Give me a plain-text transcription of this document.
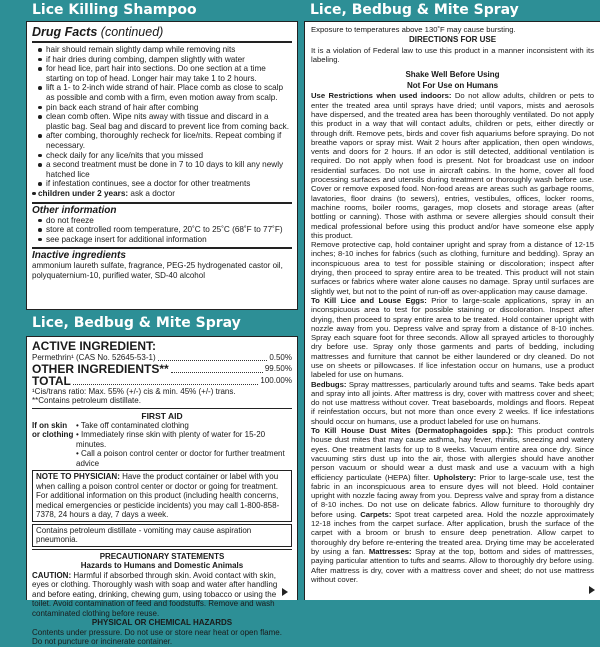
Lice Killing Shampoo
Drug Facts (continued)
hair should remain slightly damp while removing nits
if hair dries during combing, dampen slightly with water
for head lice, part hair into sections. Do one section at a time starting on top of head. Longer hair may take 1 to 2 hours.
lift a 1- to 2-inch wide strand of hair. Place comb as close to scalp as possible and comb with a firm, even motion away from scalp.
pin back each strand of hair after combing
clean comb often. Wipe nits away with tissue and discard in a plastic bag. Seal bag and discard to prevent lice from coming back.
after combing, thoroughly recheck for lice/nits. Repeat combing if necessary.
check daily for any lice/nits that you missed
a second treatment must be done in 7 to 10 days to kill any newly hatched lice
if infestation continues, see a doctor for other treatments
children under 2 years: ask a doctor
Other information
do not freeze
store at controlled room temperature, 20˚C to 25˚C (68˚F to 77˚F)
see package insert for additional information
Inactive ingredients
ammonium laureth sulfate, fragrance, PEG-25 hydrogenated castor oil, polyquaternium-10, purified water, SD-40 alcohol
Lice, Bedbug & Mite Spray
ACTIVE INGREDIENT:
Permethrin¹ (CAS No. 52645-53-1)	0.50%
OTHER INGREDIENTS**	99.50%
TOTAL	100.00%
¹Cis/trans ratio: Max. 55% (+/-) cis & min. 45% (+/-) trans.
**Contains petroleum distillate.
FIRST AID
If on skin or clothing
• Take off contaminated clothing
• Immediately rinse skin with plenty of water for 15-20 minutes.
• Call a poison control center or doctor for further treatment advice
NOTE TO PHYSICIAN: Have the product container or label with you when calling a poison control center or doctor or going for treatment. For additional information on this product (including health concerns, medical emergencies or pesticide incidents) you may call 1-800-858-7378, 24 hours a day, 7 days a week.
Contains petroleum distillate - vomiting may cause aspiration pneumonia.
PRECAUTIONARY STATEMENTS
Hazards to Humans and Domestic Animals
CAUTION: Harmful if absorbed through skin. Avoid contact with skin, eyes or clothing. Thoroughly wash with soap and water after handling and before eating, drinking, chewing gum, using tobacco or using the toilet. Avoid contamination of feed and foodstuffs. Remove and wash contaminated clothing before reuse.
PHYSICAL OR CHEMICAL HAZARDS
Contents under pressure. Do not use or store near heat or open flame. Do not puncture or incinerate container.
Lice, Bedbug & Mite Spray

Exposure to temperatures above 130˚F may cause bursting.

DIRECTIONS FOR USE

It is a violation of Federal law to use this product in a manner inconsistent with its labeling.

Shake Well Before Using
Not For Use on Humans

Use Restrictions when used indoors: Do not allow adults, children or pets to enter the treated area until sprays have dried; until vapors, mists and aerosols have dispersed, and the treated area has been thoroughly ventilated. Do not apply this product in a way that will contact adults, children or pets, either directly or through drift. Remove pets, birds and cover fish aquariums before spraying. Do not breathe vapors or spray mist. Wait 2 hours after application, then open windows, vents and doors for 2 hours. If an odor is still detected, additional ventilation is required. Do not apply when food is present. Not for broadcast use on indoor residential surfaces. Do not use in aircraft cabins. In the home, cover all food processing surfaces and utensils during treatment or thoroughly wash before use. Cover or remove exposed food. Non-food areas are areas such as garbage rooms, lavatories, floor drains (to sewers), entries, vestibules, offices, locker rooms, machine rooms, boiler rooms, garages, mop closets and storage areas (after bottling or canning). Those with asthma or severe allergies should consult their medical professional before using this product and/or have someone else apply this product.

Remove protective cap, hold container upright and spray from a distance of 12-15 inches; 8-10 inches for fabrics (such as clothing, furniture and bedding). Spray an inconspicuous area to test for possible staining or discoloration; inspect after drying, then proceed to spray entire area to be treated. This product will not stain surfaces or fabrics where water alone causes no damage. Spray until surfaces are slightly wet, but not to the point of run-off as over-application may cause damage.

To Kill Lice and Louse Eggs: Prior to large-scale applications, spray in an inconspicuous area to test for possible staining or discoloration. Inspect after drying, then proceed to spray entire area to be treated. Hold container upright with nozzle away from you. Depress valve and spray from a distance of 8-10 inches. Spray each square foot for three seconds. Allow all sprayed articles to thoroughly dry before use. Spray only those garments and parts of bedding, including mattresses and furniture that cannot be either laundered or dry cleaned. Do not use on sheets or pillowcases. If lice infestation occur on humans, use a product labeled for use on humans.

Bedbugs: Spray mattresses, particularly around tufts and seams. Take beds apart and spray into all joints. After mattress is dry, cover with mattress cover and sheet; do not use mattress without cover. Treat baseboards, moldings and floors. Repeat if reinfestation occurs, but not more than once every 2 weeks. If lice infestations should occur on humans, use a product labeled for use on humans.

To Kill House Dust Mites (Dermatophagoides spp.): This product controls house dust mites that may cause asthma, hay fever, rhinitis, sneezing and watery eyes. One treatment lasts for up to 8 weeks. Vacuum entire area once dry. Since vacuuming stirs dust up into the air, those with allergies should have another person vacuum or should wear a dust mask and use a vacuum with a high efficiency particulate (HEPA) filter. Upholstery: Prior to large-scale use, test the fabric in an inconspicuous area to ensure dyes will not bleed. Hold container upright with nozzle facing away from you. Depress valve and spray from a distance of 8-10 inches. Do not use on delicate fabrics. Allow furniture to thoroughly dry before using. Carpets: Spot treat carpeted area. Hold the nozzle approximately 12-18 inches from the carpet surface. After application, brush the surface of the carpet with a broom or brush to ensure deep penetration. Allow carpet to thoroughly dry before re-entering the treated area. Drying time may be accelerated by using a fan. Mattresses: Spray at the top, bottom and sides of mattresses, paying particular attention to tufts and seams. Allow to thoroughly dry before using. After mattress is dry, cover with a mattress cover and sheet; do not use mattress without cover.
